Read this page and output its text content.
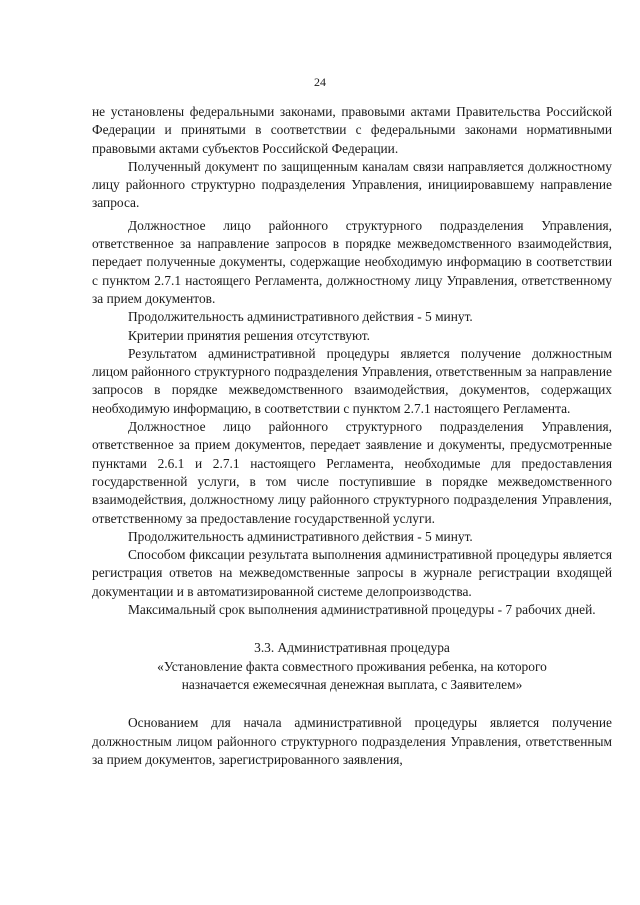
24

не установлены федеральными законами, правовыми актами Правительства Российской Федерации и принятыми в соответствии с федеральными законами нормативными правовыми актами субъектов Российской Федерации.

Полученный документ по защищенным каналам связи направляется должностному лицу районного структурно подразделения Управления, инициировавшему направление запроса.

Должностное лицо районного структурного подразделения Управления, ответственное за направление запросов в порядке межведомственного взаимодействия, передает полученные документы, содержащие необходимую информацию в соответствии с пунктом 2.7.1 настоящего Регламента, должностному лицу Управления, ответственному за прием документов.

Продолжительность административного действия - 5 минут.

Критерии принятия решения отсутствуют.

Результатом административной процедуры является получение должностным лицом районного структурного подразделения Управления, ответственным за направление запросов в порядке межведомственного взаимодействия, документов, содержащих необходимую информацию, в соответствии с пунктом 2.7.1 настоящего Регламента.

Должностное лицо районного структурного подразделения Управления, ответственное за прием документов, передает заявление и документы, предусмотренные пунктами 2.6.1 и 2.7.1 настоящего Регламента, необходимые для предоставления государственной услуги, в том числе поступившие в порядке межведомственного взаимодействия, должностному лицу районного структурного подразделения Управления, ответственному за предоставление государственной услуги.

Продолжительность административного действия - 5 минут.

Способом фиксации результата выполнения административной процедуры является регистрация ответов на межведомственные запросы в журнале регистрации входящей документации и в автоматизированной системе делопроизводства.

Максимальный срок выполнения административной процедуры - 7 рабочих дней.

3.3. Административная процедура

«Установление факта совместного проживания ребенка, на которого
назначается ежемесячная денежная выплата, с Заявителем»

Основанием для начала административной процедуры является получение должностным лицом районного структурного подразделения Управления, ответственным за прием документов, зарегистрированного заявления,
